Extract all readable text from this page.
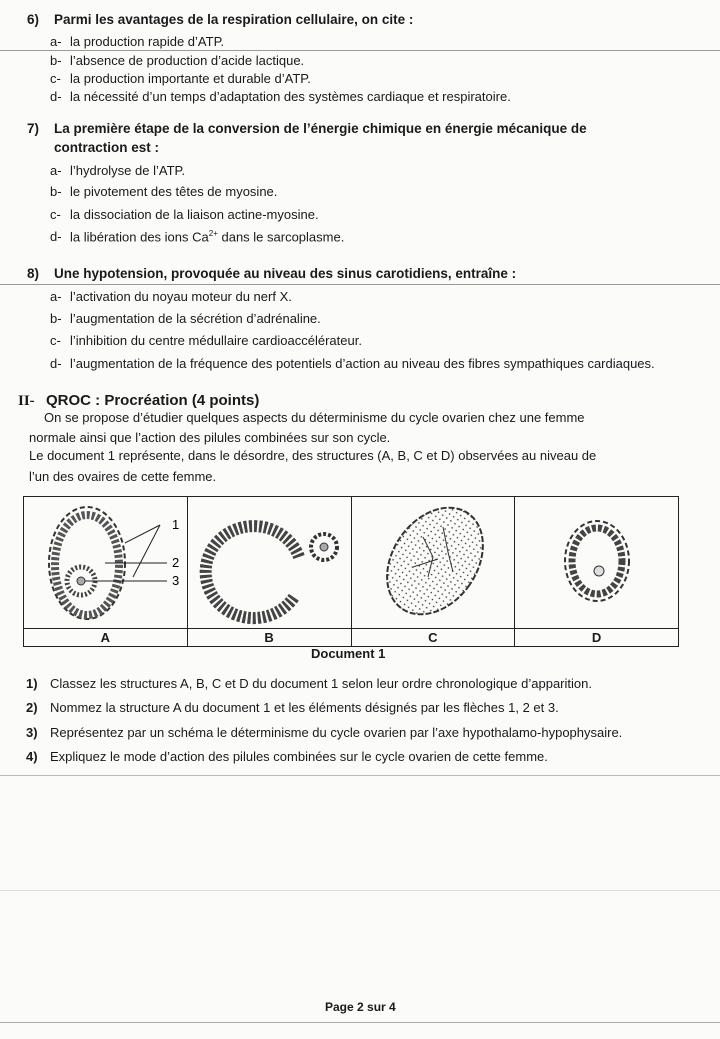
6) Parmi les avantages de la respiration cellulaire, on cite :
a- la production rapide d’ATP.
b- l’absence de production d’acide lactique.
c- la production importante et durable d’ATP.
d- la nécessité d’un temps d’adaptation des systèmes cardiaque et respiratoire.
7) La première étape de la conversion de l’énergie chimique en énergie mécanique de
contraction est :
a- l’hydrolyse de l’ATP.
b- le pivotement des têtes de myosine.
c- la dissociation de la liaison actine-myosine.
d- la libération des ions $Ca^{2+}$ dans le sarcoplasme.
8) Une hypotension, provoquée au niveau des sinus carotidiens, entraîne :
a- l’activation du noyau moteur du nerf X.
b- l’augmentation de la sécrétion d’adrénaline.
c- l’inhibition du centre médullaire cardioaccélérateur.
d- l’augmentation de la fréquence des potentiels d’action au niveau des fibres sympathiques cardiaques.
II- QROC : Procréation (4 points)
On se propose d’étudier quelques aspects du déterminisme du cycle ovarien chez une femme
normale ainsi que l’action des pilules combinées sur son cycle.
Le document 1 représente, dans le désordre, des structures (A, B, C et D) observées au niveau de
l’un des ovaires de cette femme.
1
2
3

A	B	C	D
Document 1
1) Classez les structures A, B, C et D du document 1 selon leur ordre chronologique d’apparition.
2) Nommez la structure A du document 1 et les éléments désignés par les flèches 1, 2 et 3.
3) Représentez par un schéma le déterminisme du cycle ovarien par l’axe hypothalamo-hypophysaire.
4) Expliquez le mode d’action des pilules combinées sur le cycle ovarien de cette femme.
Page 2 sur 4
